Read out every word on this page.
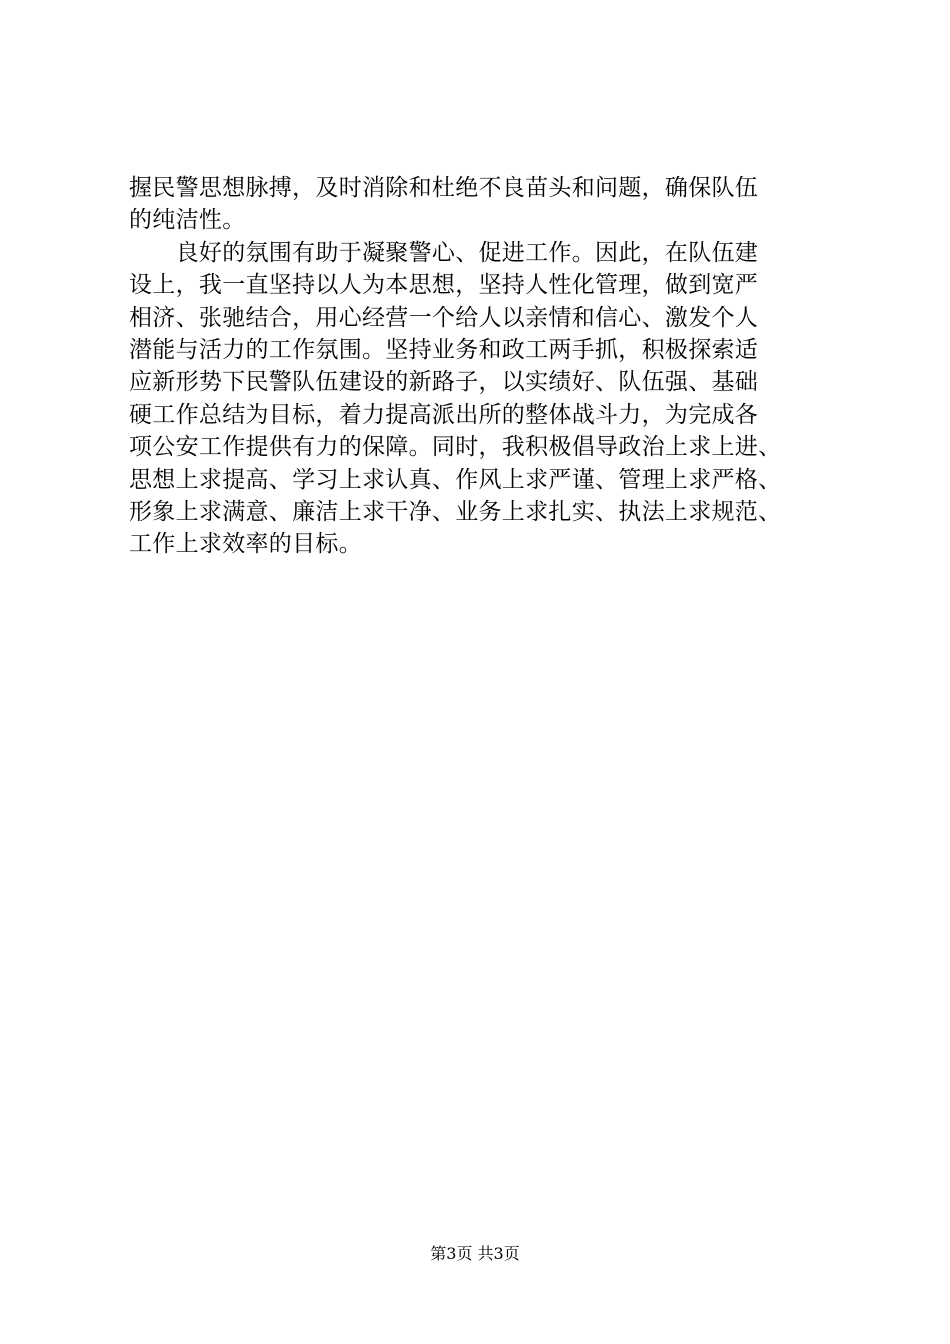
握民警思想脉搏，及时消除和杜绝不良苗头和问题，确保队伍
的纯洁性。
　　良好的氛围有助于凝聚警心、促进工作。因此，在队伍建
设上，我一直坚持以人为本思想，坚持人性化管理，做到宽严
相济、张驰结合，用心经营一个给人以亲情和信心、激发个人
潜能与活力的工作氛围。坚持业务和政工两手抓，积极探索适
应新形势下民警队伍建设的新路子，以实绩好、队伍强、基础
硬工作总结为目标，着力提高派出所的整体战斗力，为完成各
项公安工作提供有力的保障。同时，我积极倡导政治上求上进、
思想上求提高、学习上求认真、作风上求严谨、管理上求严格、
形象上求满意、廉洁上求干净、业务上求扎实、执法上求规范、
工作上求效率的目标。
第3页 共3页
